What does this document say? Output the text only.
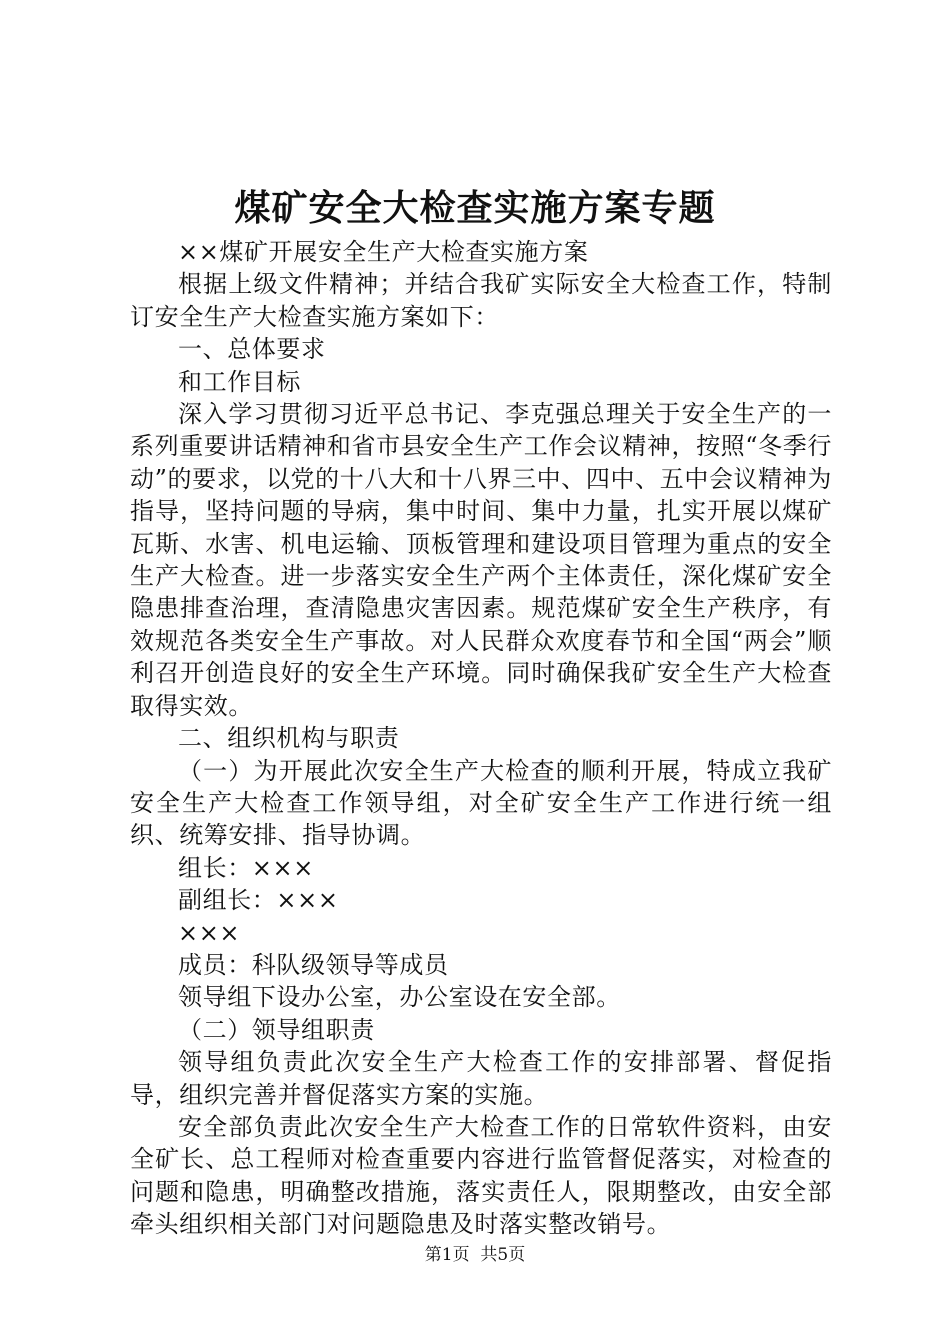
煤矿安全大检查实施方案专题

××煤矿开展安全生产大检查实施方案

根据上级文件精神；并结合我矿实际安全大检查工作，特制订安全生产大检查实施方案如下：

一、总体要求

和工作目标

深入学习贯彻习近平总书记、李克强总理关于安全生产的一系列重要讲话精神和省市县安全生产工作会议精神，按照“冬季行动”的要求，以党的十八大和十八界三中、四中、五中会议精神为指导，坚持问题的导病，集中时间、集中力量，扎实开展以煤矿瓦斯、水害、机电运输、顶板管理和建设项目管理为重点的安全生产大检查。进一步落实安全生产两个主体责任，深化煤矿安全隐患排查治理，查清隐患灾害因素。规范煤矿安全生产秩序，有效规范各类安全生产事故。对人民群众欢度春节和全国“两会”顺利召开创造良好的安全生产环境。同时确保我矿安全生产大检查取得实效。

二、组织机构与职责

（一）为开展此次安全生产大检查的顺利开展，特成立我矿安全生产大检查工作领导组，对全矿安全生产工作进行统一组织、统筹安排、指导协调。

组长：×××

副组长：×××

×××

成员：科队级领导等成员

领导组下设办公室，办公室设在安全部。

（二）领导组职责

领导组负责此次安全生产大检查工作的安排部署、督促指导，组织完善并督促落实方案的实施。

安全部负责此次安全生产大检查工作的日常软件资料，由安全矿长、总工程师对检查重要内容进行监管督促落实，对检查的问题和隐患，明确整改措施，落实责任人，限期整改，由安全部牵头组织相关部门对问题隐患及时落实整改销号。

第1页  共5页
